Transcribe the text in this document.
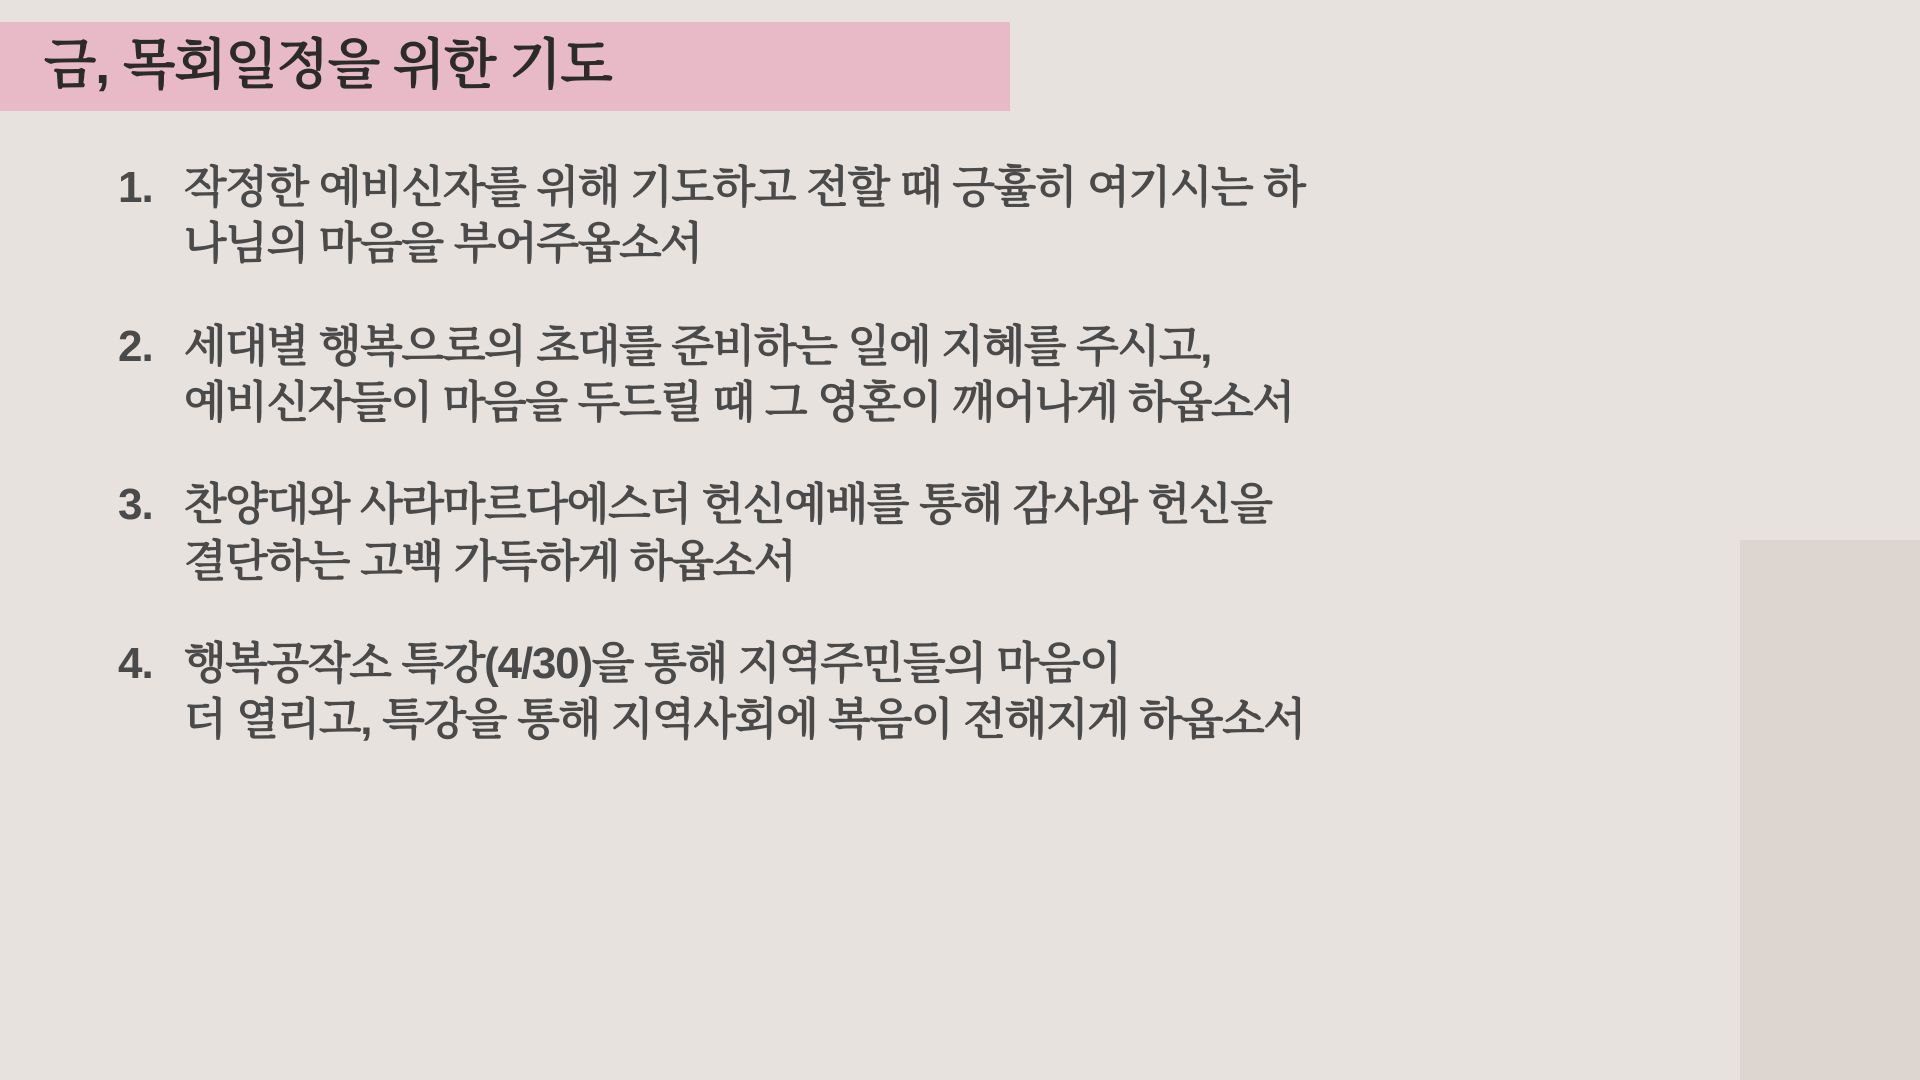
금, 목회일정을 위한 기도
1. 작정한 예비신자를 위해 기도하고 전할 때 긍휼히 여기시는 하
나님의 마음을 부어주옵소서
2. 세대별 행복으로의 초대를 준비하는 일에 지혜를 주시고,
예비신자들이 마음을 두드릴 때 그 영혼이 깨어나게 하옵소서
3. 찬양대와 사라마르다에스더 헌신예배를 통해 감사와 헌신을
결단하는 고백 가득하게 하옵소서
4. 행복공작소 특강(4/30)을 통해 지역주민들의 마음이
더 열리고, 특강을 통해 지역사회에 복음이 전해지게 하옵소서
